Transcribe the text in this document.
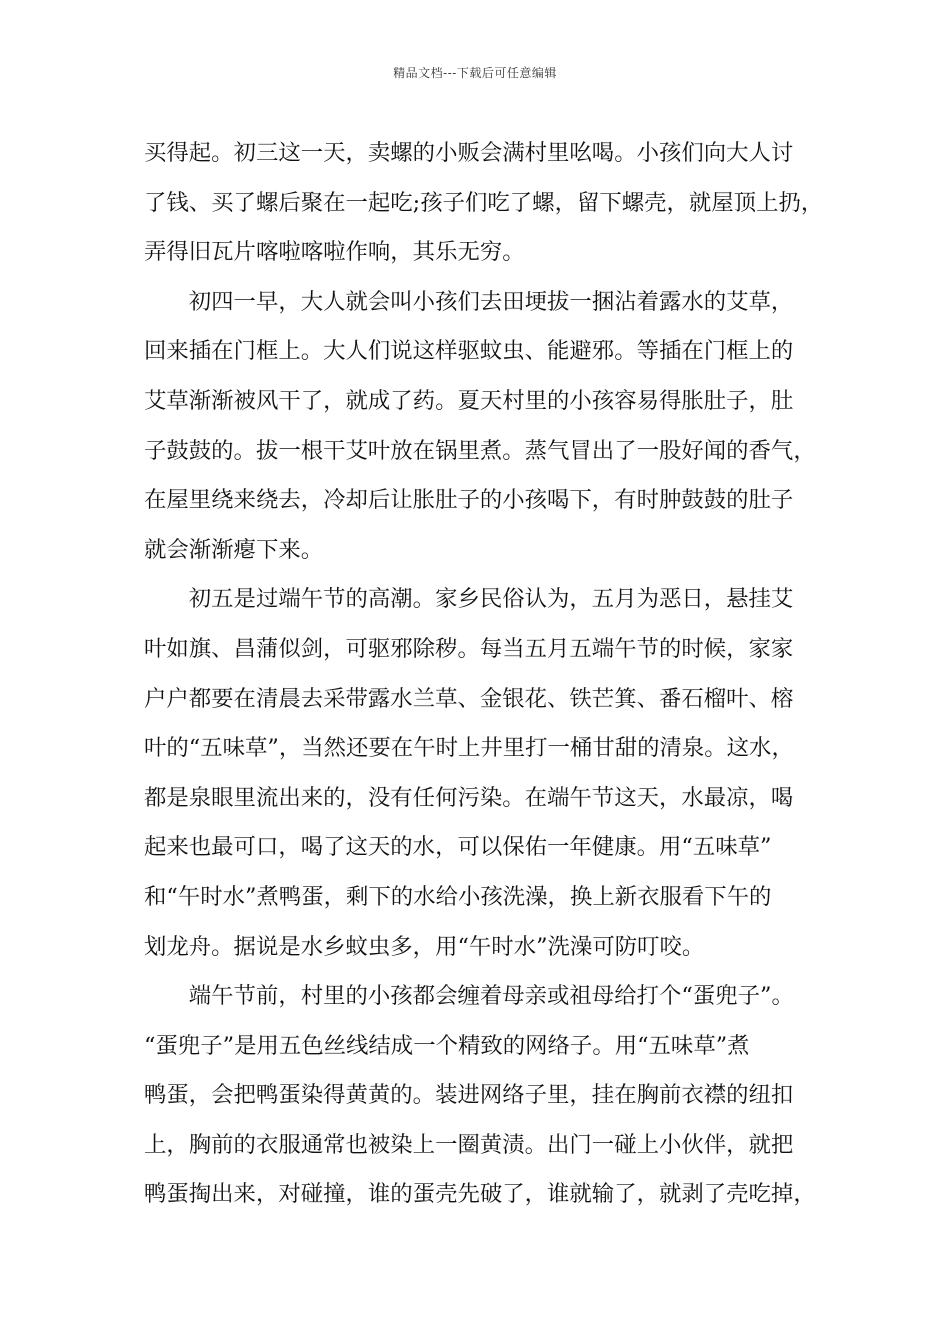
精品文档---下载后可任意编辑
买得起。初三这一天，卖螺的小贩会满村里吆喝。小孩们向大人讨
了钱、买了螺后聚在一起吃;孩子们吃了螺，留下螺壳，就屋顶上扔，
弄得旧瓦片喀啦喀啦作响，其乐无穷。
　　初四一早，大人就会叫小孩们去田埂拔一捆沾着露水的艾草，
回来插在门框上。大人们说这样驱蚊虫、能避邪。等插在门框上的
艾草渐渐被风干了，就成了药。夏天村里的小孩容易得胀肚子，肚
子鼓鼓的。拔一根干艾叶放在锅里煮。蒸气冒出了一股好闻的香气，
在屋里绕来绕去，冷却后让胀肚子的小孩喝下，有时肿鼓鼓的肚子
就会渐渐瘪下来。
　　初五是过端午节的高潮。家乡民俗认为，五月为恶日，悬挂艾
叶如旗、昌蒲似剑，可驱邪除秽。每当五月五端午节的时候，家家
户户都要在清晨去采带露水兰草、金银花、铁芒箕、番石榴叶、榕
叶的“五味草”，当然还要在午时上井里打一桶甘甜的清泉。这水，
都是泉眼里流出来的，没有任何污染。在端午节这天，水最凉，喝
起来也最可口，喝了这天的水，可以保佑一年健康。用“五味草”
和“午时水”煮鸭蛋，剩下的水给小孩洗澡，换上新衣服看下午的
划龙舟。据说是水乡蚊虫多，用“午时水”洗澡可防叮咬。
　　端午节前，村里的小孩都会缠着母亲或祖母给打个“蛋兜子”。
“蛋兜子”是用五色丝线结成一个精致的网络子。用“五味草”煮
鸭蛋，会把鸭蛋染得黄黄的。装进网络子里，挂在胸前衣襟的纽扣
上，胸前的衣服通常也被染上一圈黄渍。出门一碰上小伙伴，就把
鸭蛋掏出来，对碰撞，谁的蛋壳先破了，谁就输了，就剥了壳吃掉，
